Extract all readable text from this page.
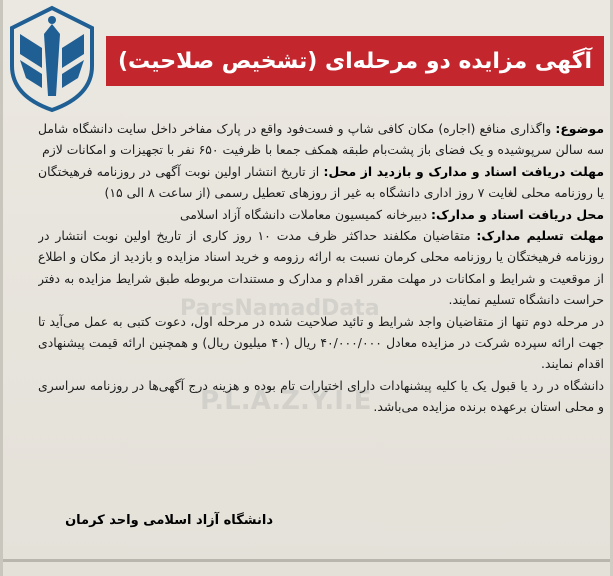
آگهی مزایده دو مرحله‌ای (تشخیص صلاحیت)
ParsNamadData
P.L.A.Z.Y.I.E

موضوع: واگذاری منافع (اجاره) مکان کافی شاپ و فست‌فود واقع در پارک مفاخر داخل سایت دانشگاه شامل سه سالن سرپوشیده و یک فضای باز پشت‌بام طبقه همکف جمعا با ظرفیت ۶۵۰ نفر با تجهیزات و امکانات لازم

مهلت دریافت اسناد و مدارک و بازدید از محل: از تاریخ انتشار اولین نوبت آگهی در روزنامه فرهیختگان یا روزنامه محلی لغایت ۷ روز اداری دانشگاه به غیر از روزهای تعطیل رسمی (از ساعت ۸ الی ۱۵)

محل دریافت اسناد و مدارک: دبیرخانه کمیسیون معاملات دانشگاه آزاد اسلامی

مهلت تسلیم مدارک: متقاضیان مکلفند حداکثر ظرف مدت ۱۰ روز کاری از تاریخ اولین نوبت انتشار در روزنامه فرهیختگان یا روزنامه محلی کرمان نسبت به ارائه رزومه و خرید اسناد مزایده و بازدید از مکان و اطلاع از موقعیت و شرایط و امکانات در مهلت مقرر اقدام و مدارک و مستندات مربوطه طبق شرایط مزایده به دفتر حراست دانشگاه تسلیم نمایند.

در مرحله دوم تنها از متقاضیان واجد شرایط و تائید صلاحیت شده در مرحله اول، دعوت کتبی به عمل می‌آید تا جهت ارائه سپرده شرکت در مزایده معادل ۴۰/۰۰۰/۰۰۰ ریال (۴۰ میلیون ریال) و همچنین ارائه قیمت پیشنهادی اقدام نمایند.

دانشگاه در رد یا قبول یک یا کلیه پیشنهادات دارای اختیارات تام بوده و هزینه درج آگهی‌ها در روزنامه سراسری و محلی استان برعهده برنده مزایده می‌باشد.

دانشگاه آزاد اسلامی واحد کرمان
